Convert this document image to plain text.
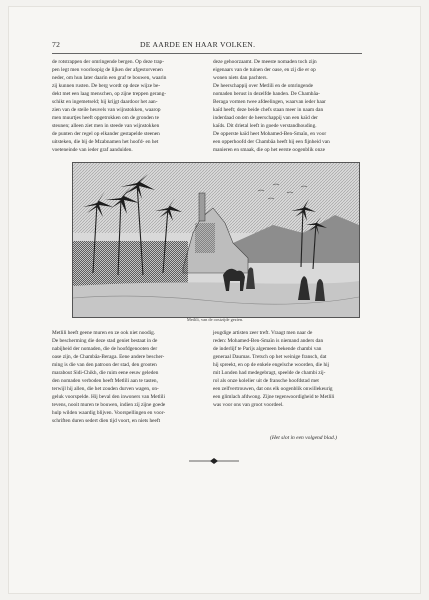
72	DE AARDE EN HAAR VOLKEN.

de rotstrappen der omringende bergen. Op deze trap-

pen legt men voorloopig de lijken der afgestorvenen

neder, om hun later daarin een graf te bouwen, waarin

zij kunnen rusten. De berg wordt op deze wijze be-

dekt met een laag menschen, op zijne treppen gerang-

schikt en ingemetseld; hij krijgt daardoor het aan-

zien van de steile heuvels van wijnstokken, waarop

men muurtjes heeft opgetrokken om de gronden te

steunen; alleen ziet men in steede van wijnstokken

de punten der regel op elkander gestapelde steenen

uitsteken, die bij de Mzabnamen het hoofd- en het

voeteneinde van ieder graf aanduiden.

deze gehoorzaamt. De meeste nomaden toch zijn

eigenaars van de tuinen der oase, en zij die er op

wonen niets dan pachters.

De heerschappij over Metlili en de omringende

nomaden berust in dezelfde handen. De Chambâa-

Beraga vormen twee afdeelingen, waarvan ieder haar

kaïd heeft; deze beide chefs staan meer in naam dan

inderdaad onder de heerschappij van een kaïd der

kaïds. Dit drietal leeft in goede verstandhouding.

De opperste kaïd heet Mohamed-Ben-Smaïn, en voor

een opperhoofd der Chambâa heeft hij een fijnheid van

manieren en smaak, die op het eerste oogenblik onze

Metlili, van de oostzijde gezien.

Metlili heeft geene muren en ze ook niet noodig.

De bescherming die deze stad geniet bestaat in de

nabijheid der nomaden, die de hoofdgenooten der

oase zijn, de Chambâa-Beraga. Eene andere bescher-

ming is die van den patroon der stad, den grooten

marabout Sidi-Chikh, die ruim eene eeuw geleden

den nomaden verboden heeft Metlili aan te tasten,

terwijl hij allen, die het zouden durven wagen, on-

geluk voorspelde. Hij beval den inwoners van Metlili

tevens, nooit muren te bouwen, indien zij zijne goede

hulp wilden waardig blijven. Voorspellingen en voor-

schriften duren sedert dien tijd voort, en niets heeft

jeugdige artisten zeer treft. Vraagt men naar de

reden: Mohamed-Ben-Smaïn is niemand anders dan

de inderlijf te Parijs algemeen bekende chambi van

generaal Daumas. Tretsch op het weinige fransch, dat

hij spreekt, en op de enkele engelsche woorden, die hij

mit Londen had medegebragt, speelde de chambi zij-

rol als onze kolelier uit de fransche hoofdstad met

een zelfvertrouwen, dat ons elk oogenblik onwillekeurig

een glimlach afdwong. Zijne tegenwoordigheid te Metlili

was voor ons van groot voordeel.

(Het slot in een volgend blad.)
